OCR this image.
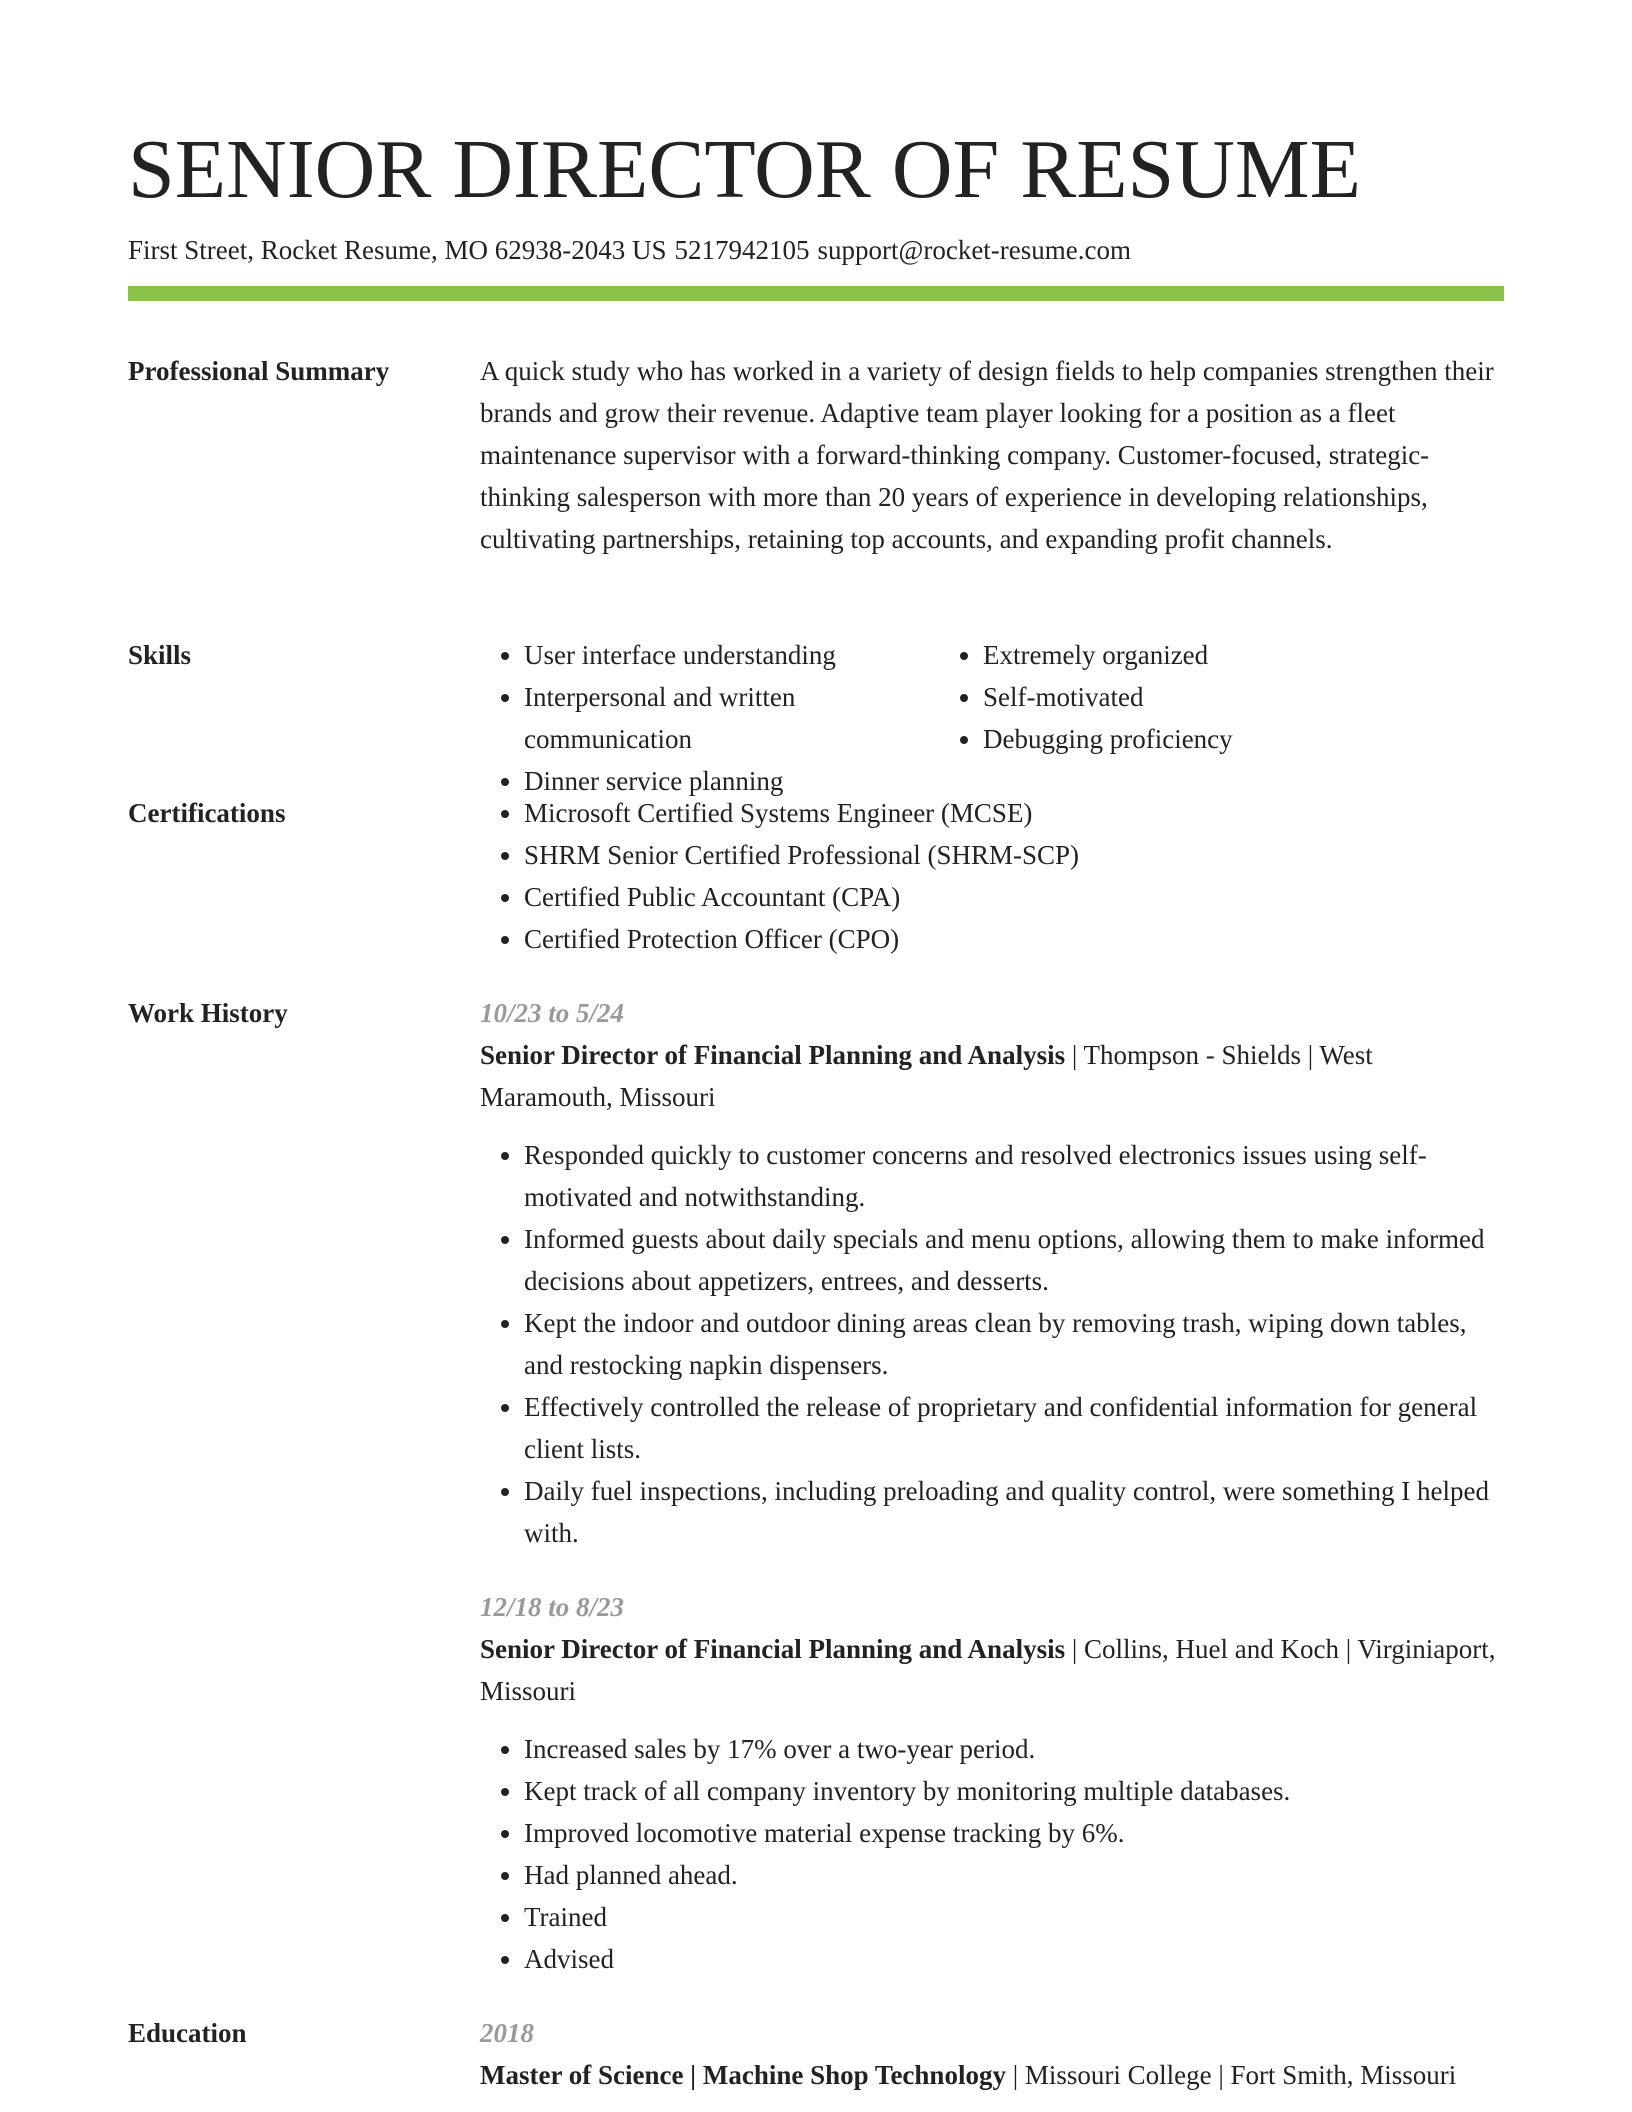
SENIOR DIRECTOR OF RESUME
First Street, Rocket Resume, MO 62938-2043 US 5217942105 support@rocket-resume.com
Professional Summary	A quick study who has worked in a variety of design fields to help companies strengthen their brands and grow their revenue. Adaptive team player looking for a position as a fleet maintenance supervisor with a forward-thinking company. Customer-focused, strategic-thinking salesperson with more than 20 years of experience in developing relationships, cultivating partnerships, retaining top accounts, and expanding profit channels.

Skills	• User interface understanding
• Interpersonal and written communication
• Dinner service planning
• Extremely organized
• Self-motivated
• Debugging proficiency
Certifications	• Microsoft Certified Systems Engineer (MCSE)
• SHRM Senior Certified Professional (SHRM-SCP)
• Certified Public Accountant (CPA)
• Certified Protection Officer (CPO)
Work History	10/23 to 5/24
Senior Director of Financial Planning and Analysis | Thompson - Shields | West Maramouth, Missouri
• Responded quickly to customer concerns and resolved electronics issues using self-motivated and notwithstanding.
• Informed guests about daily specials and menu options, allowing them to make informed decisions about appetizers, entrees, and desserts.
• Kept the indoor and outdoor dining areas clean by removing trash, wiping down tables, and restocking napkin dispensers.
• Effectively controlled the release of proprietary and confidential information for general client lists.
• Daily fuel inspections, including preloading and quality control, were something I helped with.
12/18 to 8/23
Senior Director of Financial Planning and Analysis | Collins, Huel and Koch | Virginiaport, Missouri
• Increased sales by 17% over a two-year period.
• Kept track of all company inventory by monitoring multiple databases.
• Improved locomotive material expense tracking by 6%.
• Had planned ahead.
• Trained
• Advised
Education	2018
Master of Science | Machine Shop Technology | Missouri College | Fort Smith, Missouri
